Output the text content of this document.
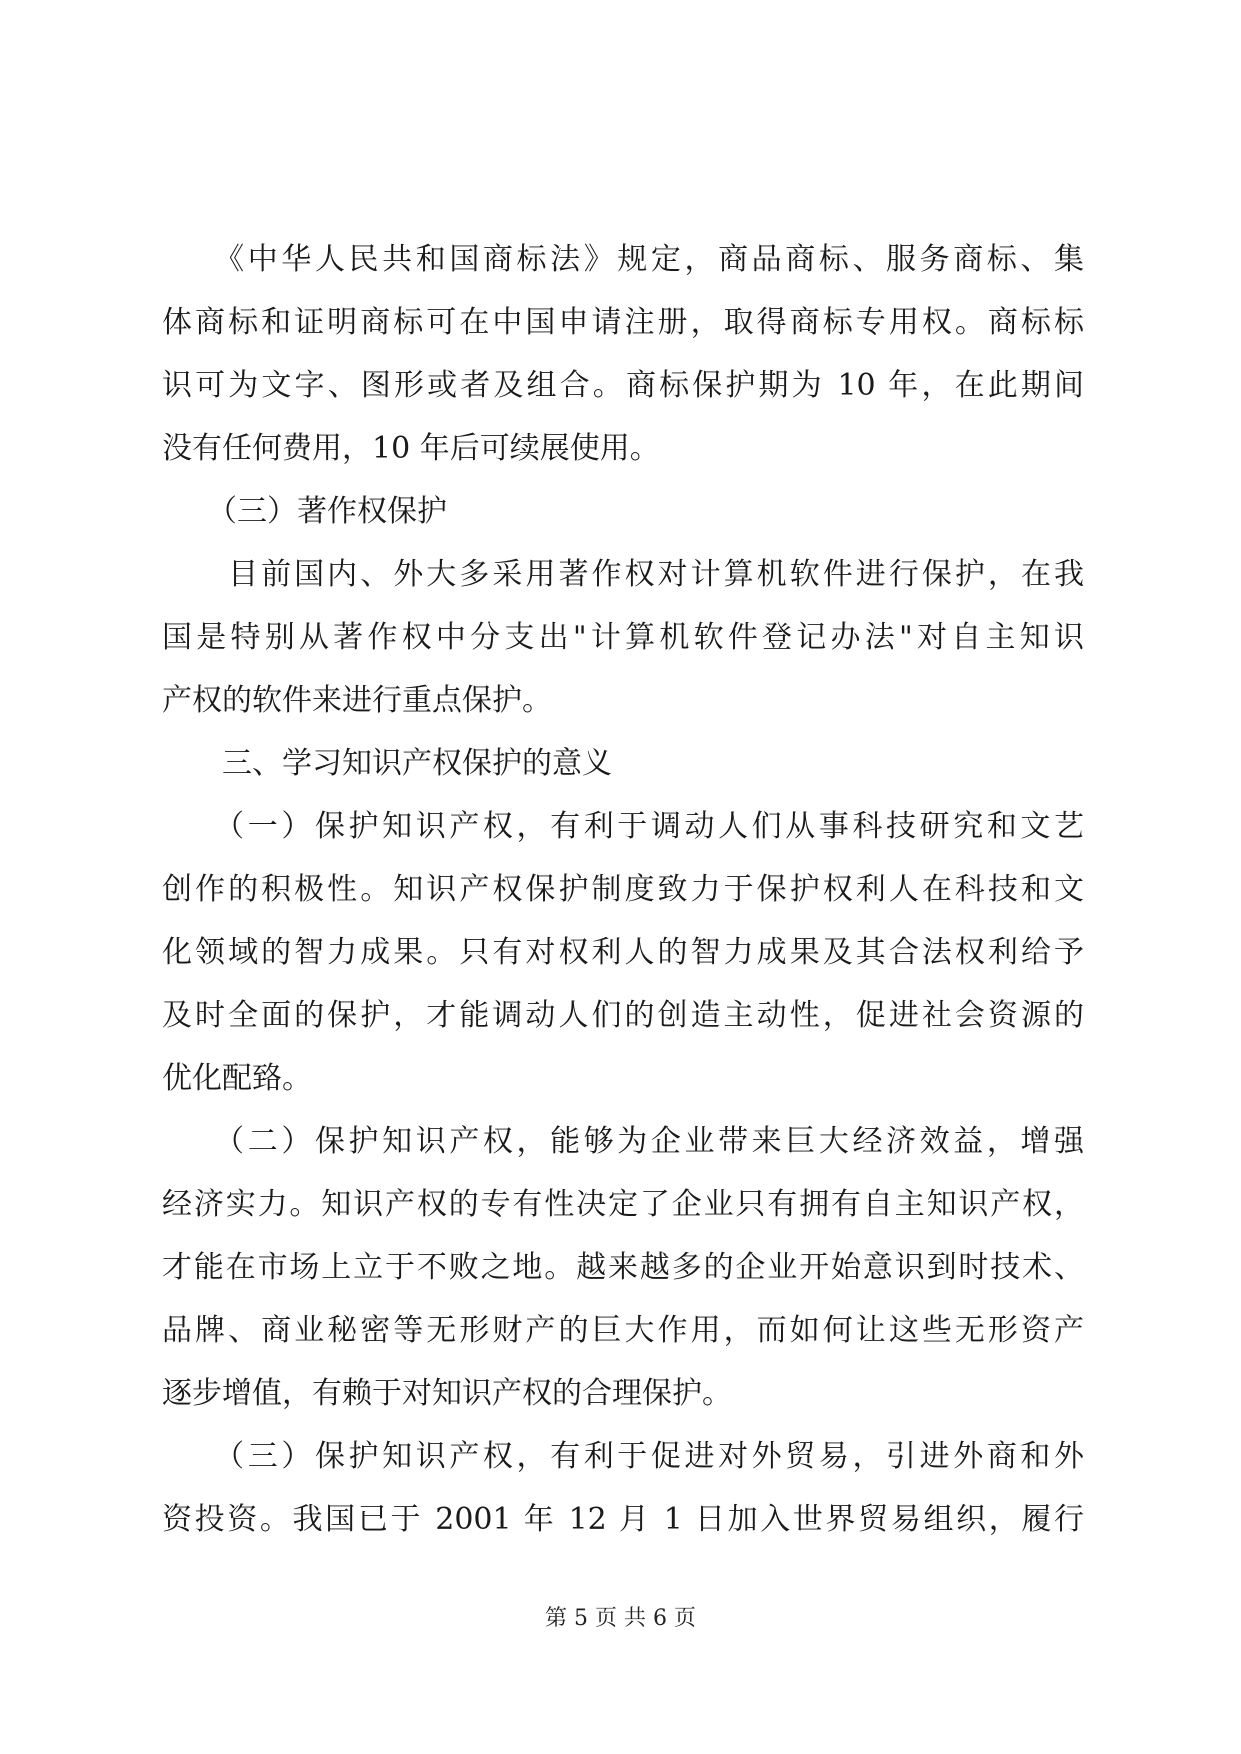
　　《中华人民共和国商标法》规定，商品商标、服务商标、集
体商标和证明商标可在中国申请注册，取得商标专用权。商标标
识可为文字、图形或者及组合。商标保护期为 10 年，在此期间
没有任何费用，10 年后可续展使用。
　　（三）著作权保护
　　目前国内、外大多采用著作权对计算机软件进行保护，在我
国是特别从著作权中分支出"计算机软件登记办法"对自主知识
产权的软件来进行重点保护。
　　三、学习知识产权保护的意义
　　（一）保护知识产权，有利于调动人们从事科技研究和文艺
创作的积极性。知识产权保护制度致力于保护权利人在科技和文
化领域的智力成果。只有对权利人的智力成果及其合法权利给予
及时全面的保护，才能调动人们的创造主动性，促进社会资源的
优化配臵。
　　（二）保护知识产权，能够为企业带来巨大经济效益，增强
经济实力。知识产权的专有性决定了企业只有拥有自主知识产权，
才能在市场上立于不败之地。越来越多的企业开始意识到时技术、
品牌、商业秘密等无形财产的巨大作用，而如何让这些无形资产
逐步增值，有赖于对知识产权的合理保护。
　　（三）保护知识产权，有利于促进对外贸易，引进外商和外
资投资。我国已于 2001 年 12 月 1 日加入世界贸易组织，履行
第 5 页 共 6 页
